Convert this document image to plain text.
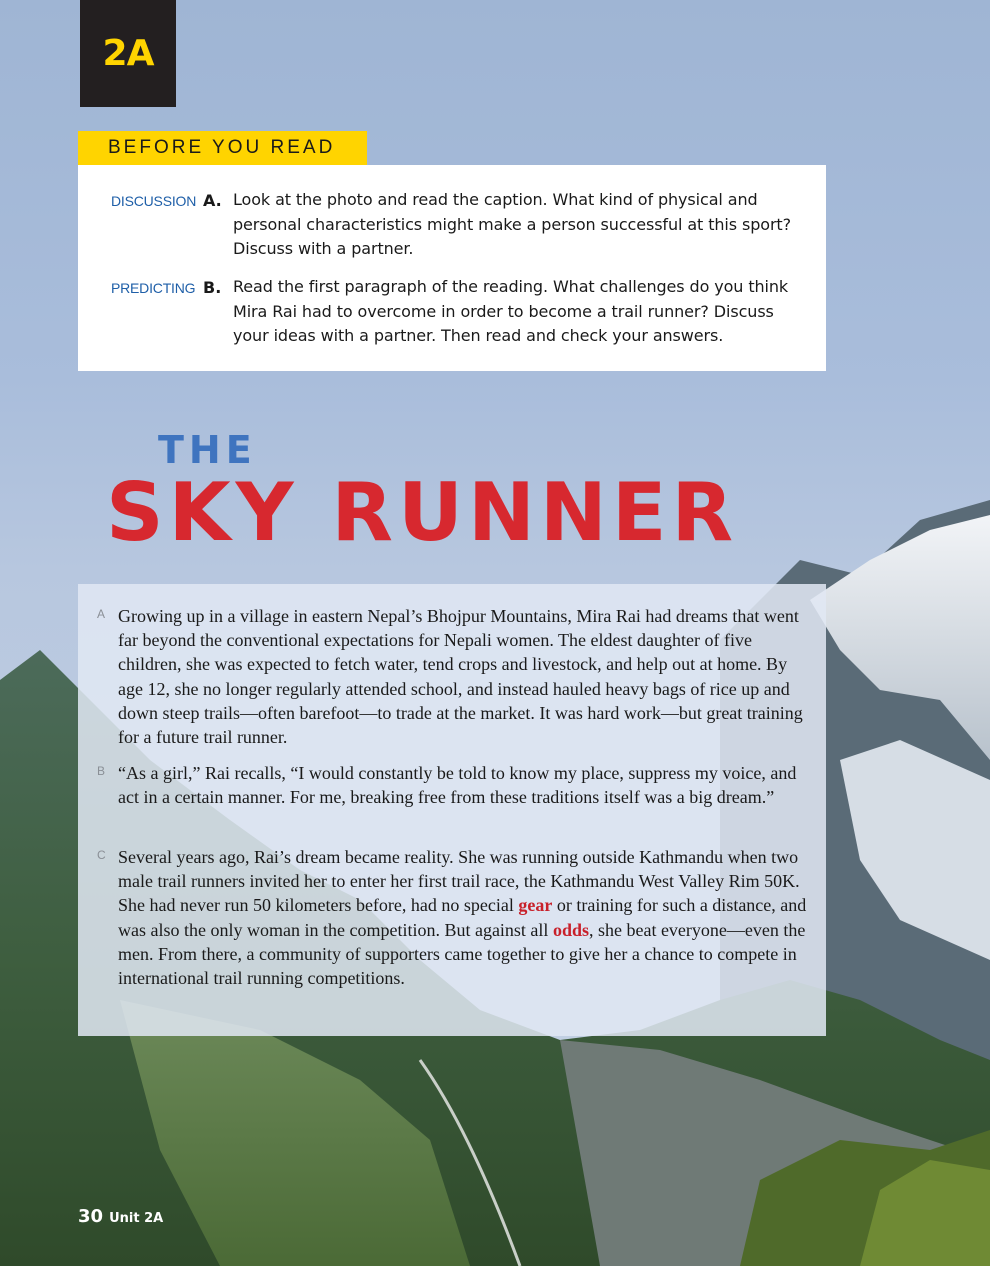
2A
BEFORE YOU READ
DISCUSSION A. Look at the photo and read the caption. What kind of physical and personal characteristics might make a person successful at this sport? Discuss with a partner.
PREDICTING B. Read the first paragraph of the reading. What challenges do you think Mira Rai had to overcome in order to become a trail runner? Discuss your ideas with a partner. Then read and check your answers.
THE
SKY RUNNER
A Growing up in a village in eastern Nepal’s Bhojpur Mountains, Mira Rai had dreams that went far beyond the conventional expectations for Nepali women. The eldest daughter of five children, she was expected to fetch water, tend crops and livestock, and help out at home. By age 12, she no longer regularly attended school, and instead hauled heavy bags of rice up and down steep trails—often barefoot—to trade at the market. It was hard work—but great training for a future trail runner.

B “As a girl,” Rai recalls, “I would constantly be told to know my place, suppress my voice, and act in a certain manner. For me, breaking free from these traditions itself was a big dream.”

C Several years ago, Rai’s dream became reality. She was running outside Kathmandu when two male trail runners invited her to enter her first trail race, the Kathmandu West Valley Rim 50K. She had never run 50 kilometers before, had no special gear or training for such a distance, and was also the only woman in the competition. But against all odds, she beat everyone—even the men. From there, a community of supporters came together to give her a chance to compete in international trail running competitions.

30 Unit 2A
